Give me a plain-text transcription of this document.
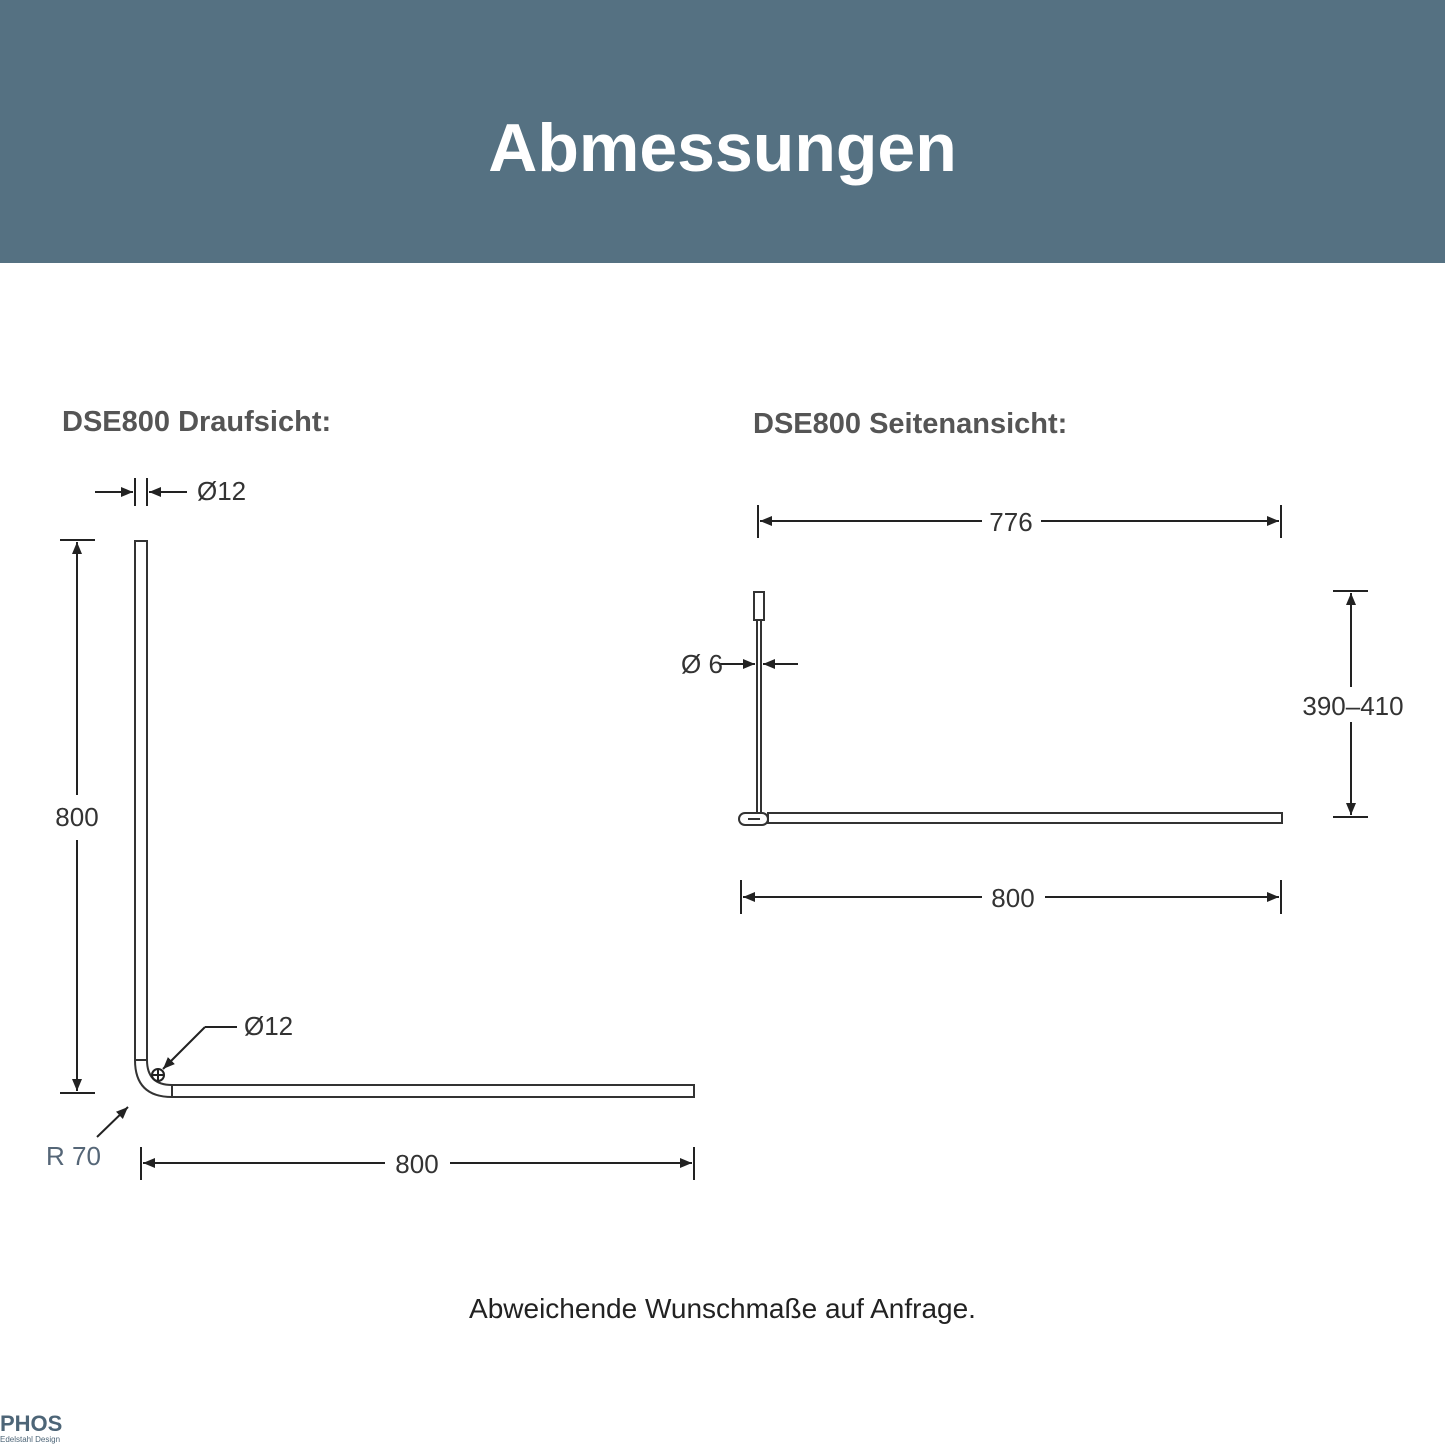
Abmessungen
DSE800 Draufsicht:
Ø12
800
Ø12
R 70	800
DSE800 Seitenansicht:
776
Ø 6
390–410
800
Abweichende Wunschmaße auf Anfrage.
PHOS
Edelstahl Design
